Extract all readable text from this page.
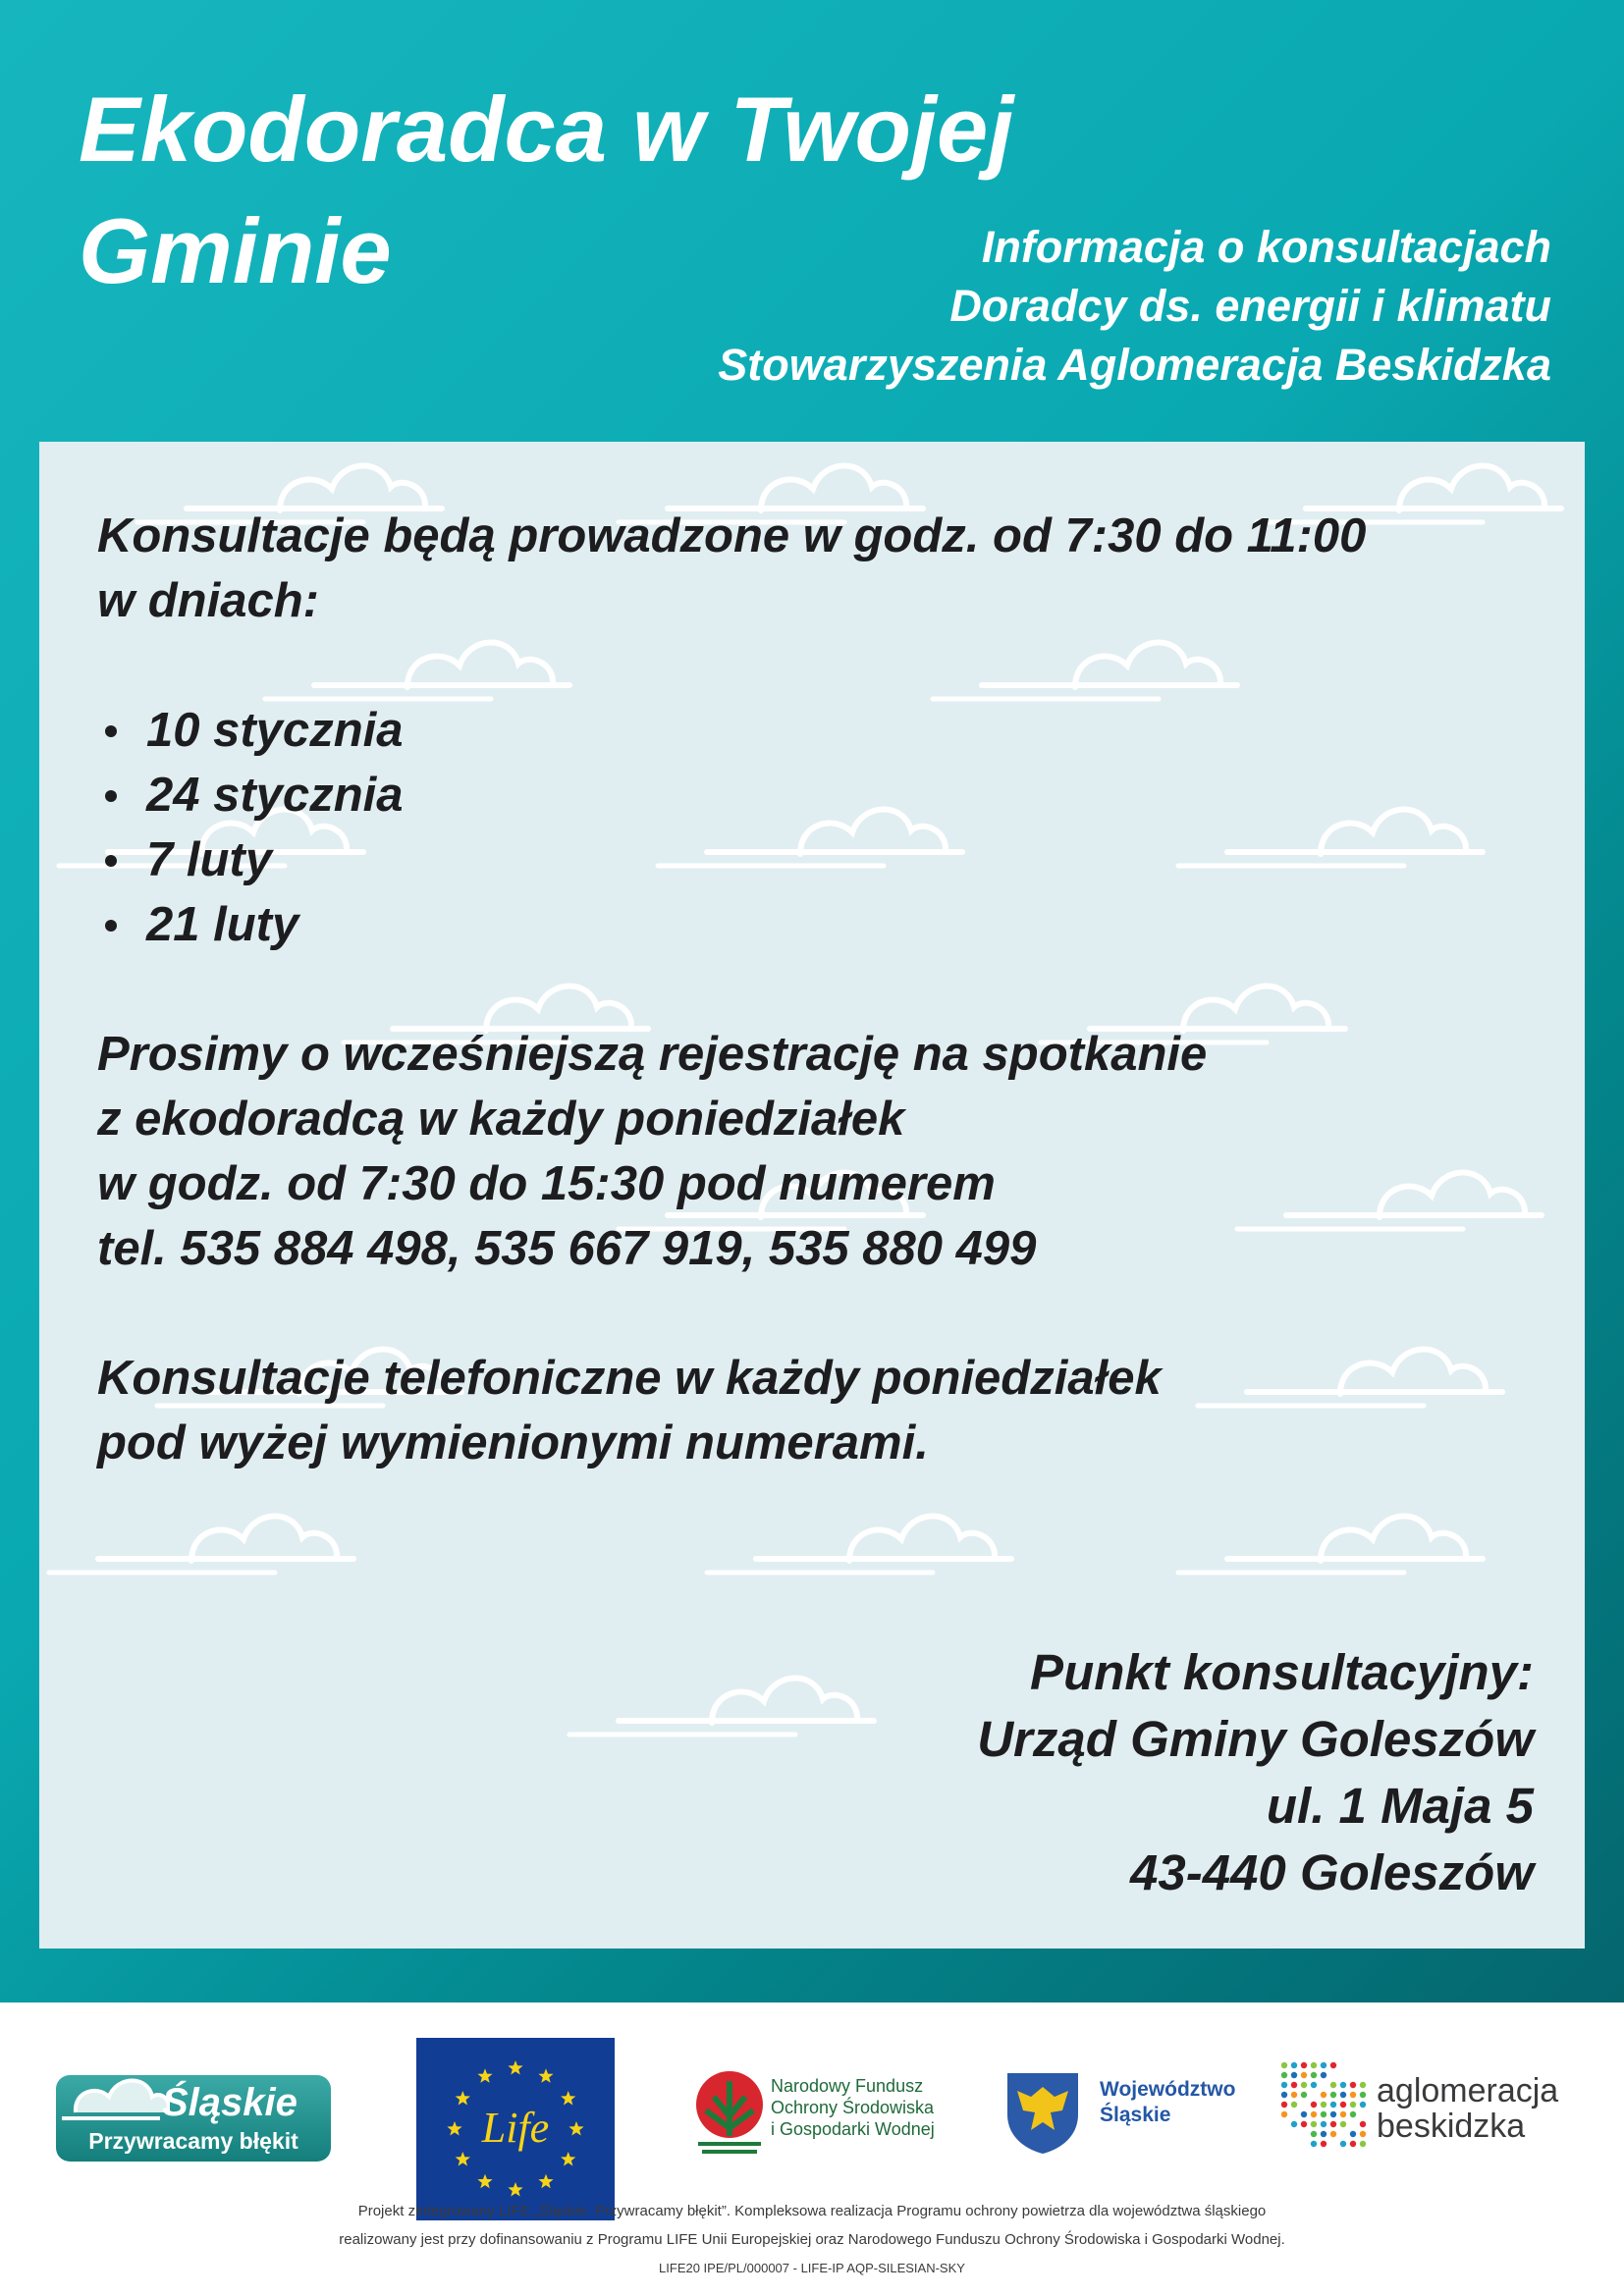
Ekodoradca w Twojej
Gminie	Informacja o konsultacjach
Doradcy ds. energii i klimatu
Stowarzyszenia Aglomeracja Beskidzka

Konsultacje będą prowadzone w godz. od 7:30 do 11:00

w dniach:

10 stycznia
24 stycznia
7 luty
21 luty

Prosimy o wcześniejszą rejestrację na spotkanie

z ekodoradcą w każdy poniedziałek

w godz. od 7:30 do 15:30 pod numerem

tel. 535 884 498, 535 667 919, 535 880 499

Konsultacje telefoniczne w każdy poniedziałek

pod wyżej wymienionymi numerami.

Punkt konsultacyjny:
Urząd Gminy Goleszów
ul. 1 Maja 5
43-440 Goleszów
Śląskie
Przywracamy błękit	Life
Narodowy Fundusz
Ochrony Środowiska
i Gospodarki Wodnej
Województwo
Śląskie
aglomeracja
beskidzka
Projekt zintegrowany LIFE „Śląskie. Przywracamy błękit”. Kompleksowa realizacja Programu ochrony powietrza dla województwa śląskiego
realizowany jest przy dofinansowaniu z Programu LIFE Unii Europejskiej oraz Narodowego Funduszu Ochrony Środowiska i Gospodarki Wodnej.
LIFE20 IPE/PL/000007 - LIFE-IP AQP-SILESIAN-SKY
